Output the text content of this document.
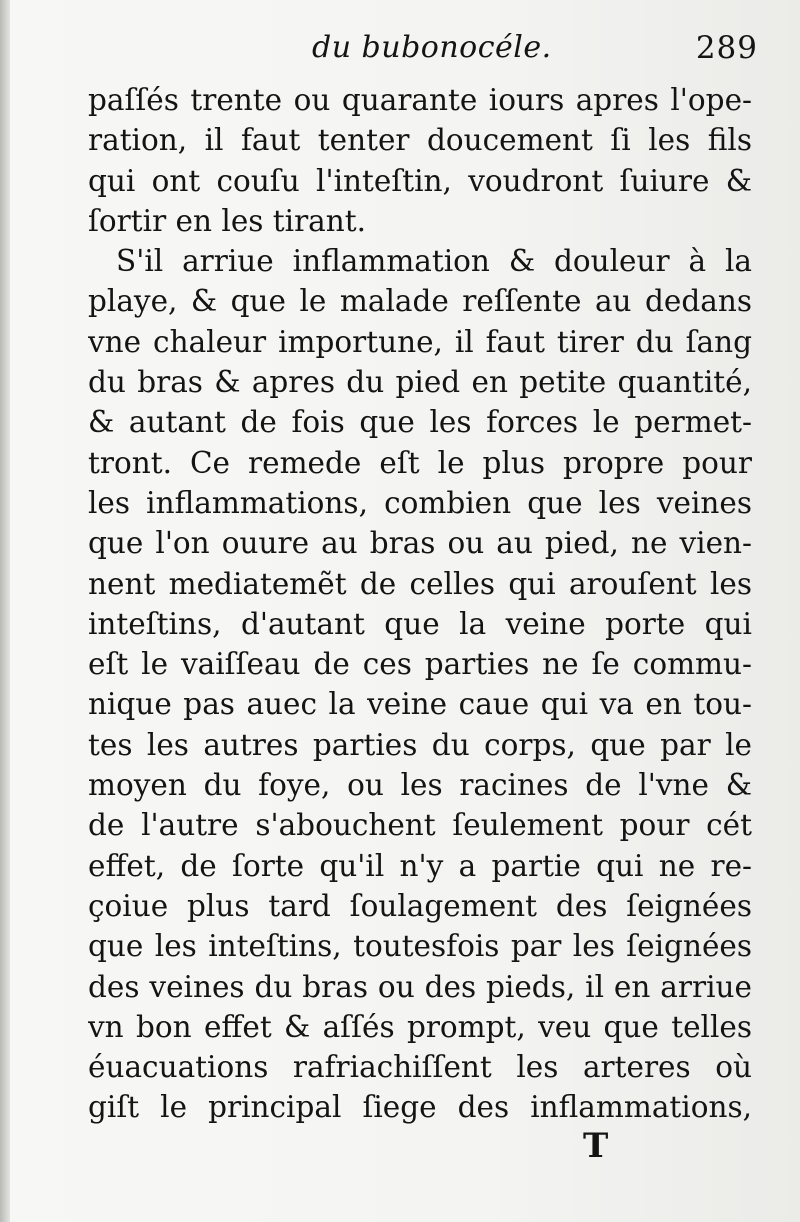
du bubonocéle.	289
paſſés trente ou quarante iours apres l'ope-
ration, il faut tenter doucement ſi les fils
qui ont couſu l'inteſtin, voudront ſuiure &
ſortir en les tirant.
S'il arriue inflammation & douleur à la
playe, & que le malade reſſente au dedans
vne chaleur importune, il faut tirer du ſang
du bras & apres du pied en petite quantité,
& autant de fois que les forces le permet-
tront. Ce remede eſt le plus propre pour
les inflammations, combien que les veines
que l'on ouure au bras ou au pied, ne vien-
nent mediatemẽt de celles qui arouſent les
inteſtins, d'autant que la veine porte qui
eſt le vaiſſeau de ces parties ne ſe commu-
nique pas auec la veine caue qui va en tou-
tes les autres parties du corps, que par le
moyen du foye, ou les racines de l'vne &
de l'autre s'abouchent ſeulement pour cét
effet, de ſorte qu'il n'y a partie qui ne re-
çoiue plus tard ſoulagement des ſeignées
que les inteſtins, toutesfois par les ſeignées
des veines du bras ou des pieds, il en arriue
vn bon effet & aſſés prompt, veu que telles
éuacuations rafriachiſſent les arteres où
giſt le principal ſiege des inflammations,
T
